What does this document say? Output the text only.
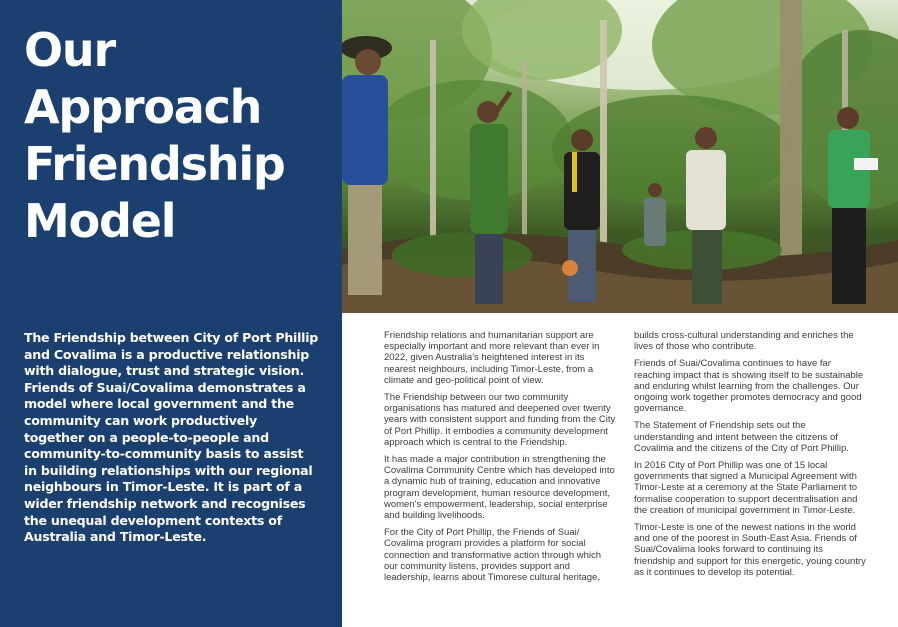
Our Approach
Friendship
Model

The Friendship between City of Port Phillip and Covalima is a productive relationship with dialogue, trust and strategic vision. Friends of Suai/Covalima demonstrates a model where local government and the community can work productively together on a people-to-people and community-to-community basis to assist in building relationships with our regional neighbours in Timor-Leste. It is part of a wider friendship network and recognises the unequal development contexts of Australia and Timor-Leste.

Friendship relations and humanitarian support are especially important and more relevant than ever in 2022, given Australia's heightened interest in its nearest neighbours, including Timor-Leste, from a climate and geo-political point of view.

The Friendship between our two community organisations has matured and deepened over twenty years with consistent support and funding from the City of Port Phillip. It embodies a community development approach which is central to the Friendship.

It has made a major contribution in strengthening the Covalima Community Centre which has developed into a dynamic hub of training, education and innovative program development, human resource development, women's empowerment, leadership, social enterprise and building livelihoods.

For the City of Port Phillip, the Friends of Suai/ Covalima program provides a platform for social connection and transformative action through which our community listens, provides support and leadership, learns about Timorese cultural heritage,

builds cross-cultural understanding and enriches the lives of those who contribute.

Friends of Suai/Covalima continues to have far reaching impact that is showing itself to be sustainable and enduring whilst learning from the challenges. Our ongoing work together promotes democracy and good governance.

The Statement of Friendship sets out the understanding and intent between the citizens of Covalima and the citizens of the City of Port Phillip.

In 2016 City of Port Phillip was one of 15 local governments that signed a Municipal Agreement with Timor-Leste at a ceremony at the State Parliament to formalise cooperation to support decentralisation and the creation of municipal government in Timor-Leste.

Timor-Leste is one of the newest nations in the world and one of the poorest in South-East Asia. Friends of Suai/Covalima looks forward to continuing its friendship and support for this energetic, young country as it continues to develop its potential.
